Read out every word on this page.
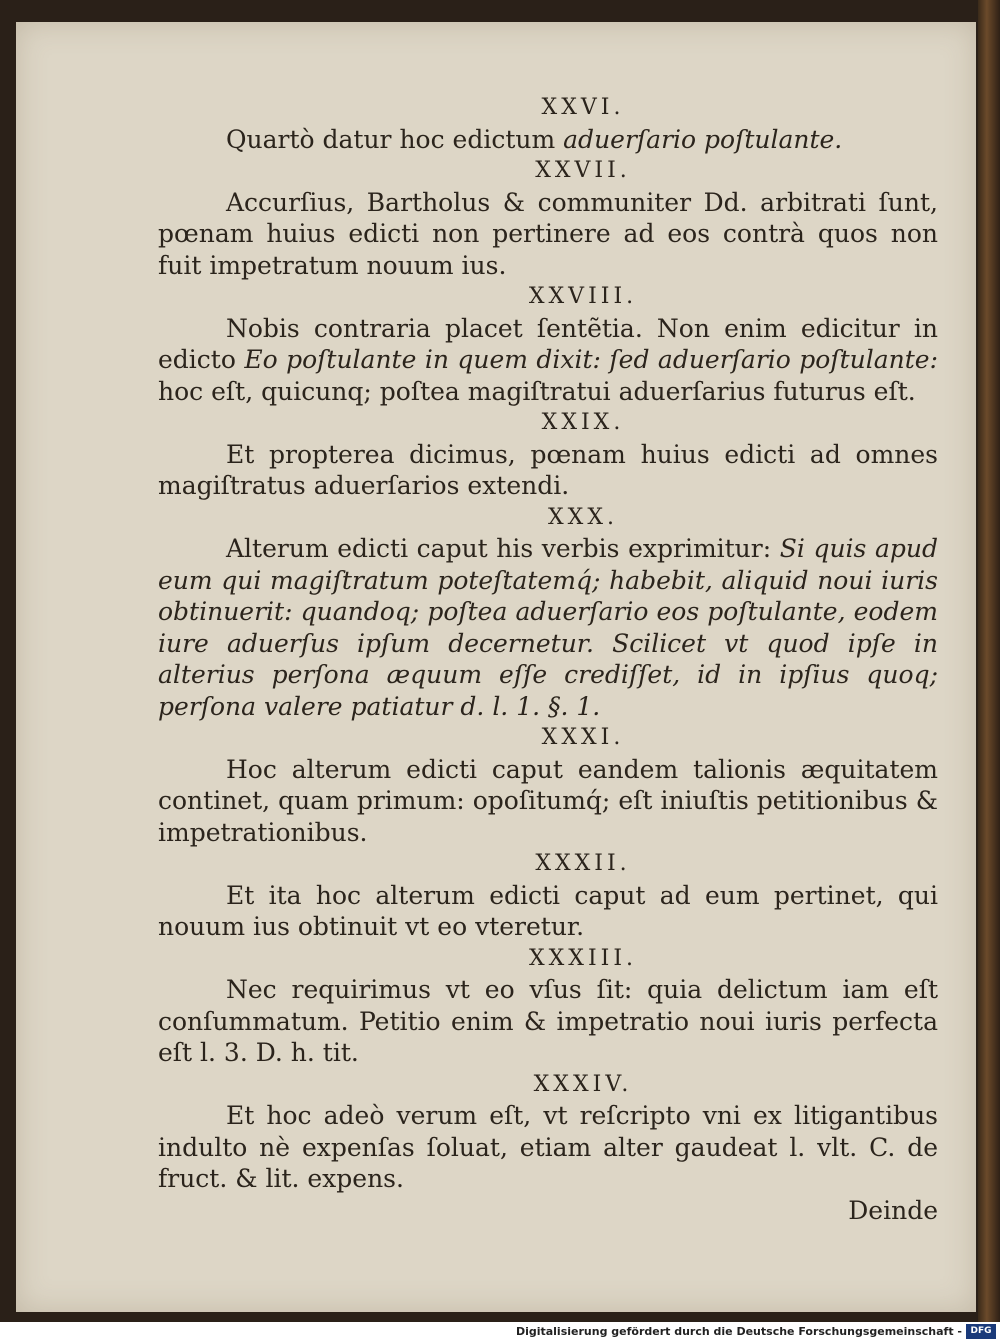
XXVI.
Quartò datur hoc edictum aduerſario poſtulante.
XXVII.
Accurſius, Bartholus & communiter Dd. arbitrati ſunt, pœnam huius edicti non pertinere ad eos contrà quos non fuit impetratum nouum ius.
XXVIII.
Nobis contraria placet ſentẽtia. Non enim edicitur in edicto Eo poſtulante in quem dixit: ſed aduerſario poſtulante: hoc eſt, quicunq; poſtea magiſtratui aduerſarius futurus eſt.
XXIX.
Et propterea dicimus, pœnam huius edicti ad omnes magiſtratus aduerſarios extendi.
XXX.
Alterum edicti caput his verbis exprimitur: Si quis apud eum qui magiſtratum poteſtatemq́; habebit, aliquid noui iuris obtinuerit: quandoq; poſtea aduerſario eos poſtulante, eodem iure aduerſus ipſum decernetur. Scilicet vt quod ipſe in alterius perſona æquum eſſe crediſſet, id in ipſius quoq; perſona valere patiatur d. l. 1. §. 1.
XXXI.
Hoc alterum edicti caput eandem talionis æquitatem continet, quam primum: opoſitumq́; eſt iniuſtis petitionibus & impetrationibus.
XXXII.
Et ita hoc alterum edicti caput ad eum pertinet, qui nouum ius obtinuit vt eo vteretur.
XXXIII.
Nec requirimus vt eo vſus ſit: quia delictum iam eſt conſummatum. Petitio enim & impetratio noui iuris perfecta eſt l. 3. D. h. tit.
XXXIV.
Et hoc adeò verum eſt, vt reſcripto vni ex litigantibus indulto nè expenſas ſoluat, etiam alter gaudeat l. vlt. C. de fruct. & lit. expens.
Deinde
Digitalisierung gefördert durch die Deutsche Forschungsgemeinschaft - DFG
